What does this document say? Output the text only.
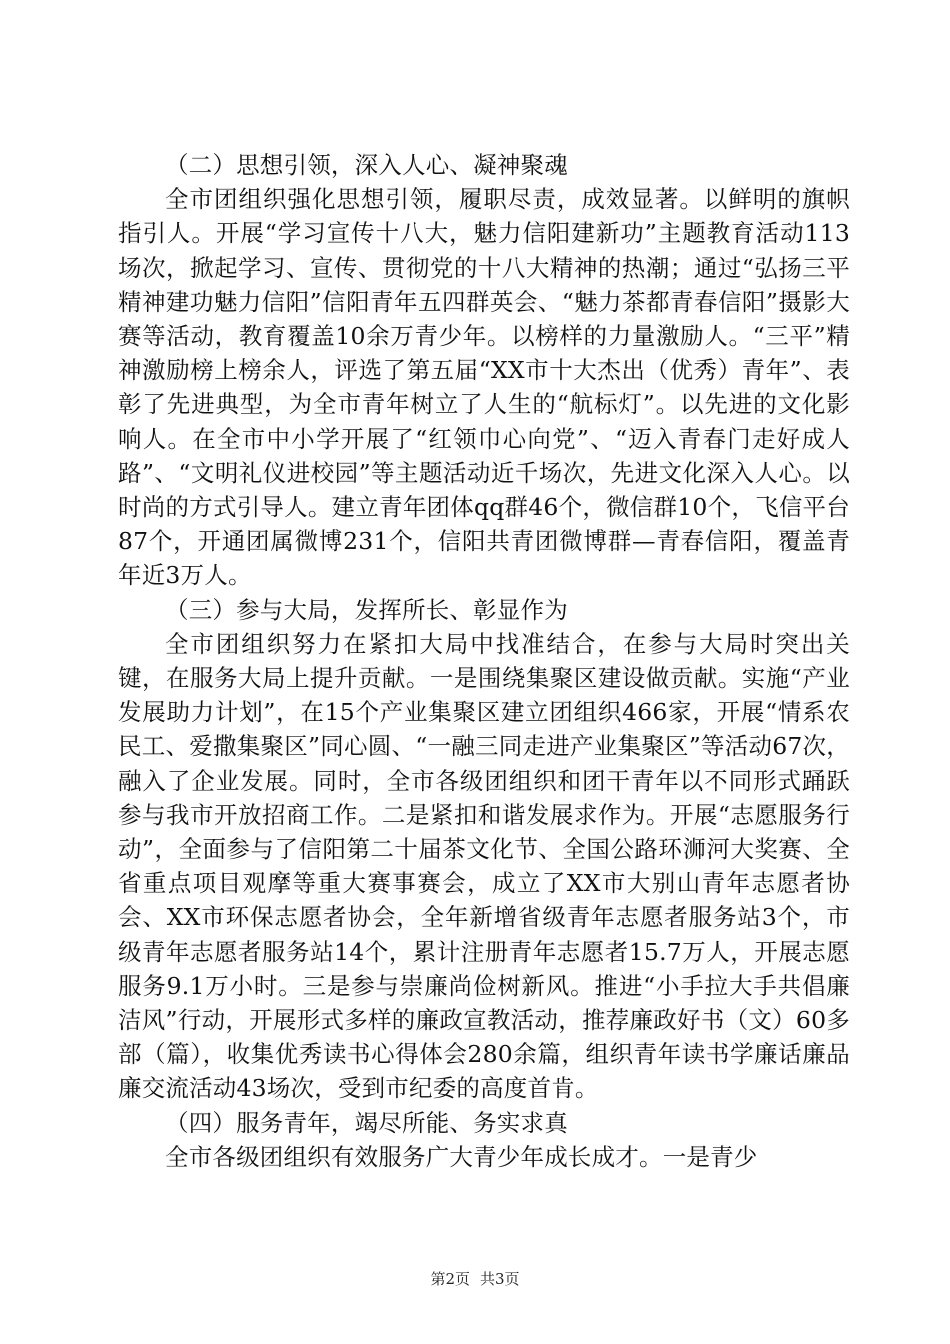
（二）思想引领，深入人心、凝神聚魂

全市团组织强化思想引领，履职尽责，成效显著。以鲜明的旗帜指引人。开展“学习宣传十八大，魅力信阳建新功”主题教育活动113场次，掀起学习、宣传、贯彻党的十八大精神的热潮；通过“弘扬三平精神建功魅力信阳”信阳青年五四群英会、“魅力茶都青春信阳”摄影大赛等活动，教育覆盖10余万青少年。以榜样的力量激励人。“三平”精神激励榜上榜余人，评选了第五届“XX市十大杰出（优秀）青年”、表彰了先进典型，为全市青年树立了人生的“航标灯”。以先进的文化影响人。在全市中小学开展了“红领巾心向党”、“迈入青春门走好成人路”、“文明礼仪进校园”等主题活动近千场次，先进文化深入人心。以时尚的方式引导人。建立青年团体qq群46个，微信群10个，飞信平台87个，开通团属微博231个，信阳共青团微博群—青春信阳，覆盖青年近3万人。

（三）参与大局，发挥所长、彰显作为

全市团组织努力在紧扣大局中找准结合，在参与大局时突出关键，在服务大局上提升贡献。一是围绕集聚区建设做贡献。实施“产业发展助力计划”，在15个产业集聚区建立团组织466家，开展“情系农民工、爱撒集聚区”同心圆、“一融三同走进产业集聚区”等活动67次，融入了企业发展。同时，全市各级团组织和团干青年以不同形式踊跃参与我市开放招商工作。二是紧扣和谐发展求作为。开展“志愿服务行动”，全面参与了信阳第二十届茶文化节、全国公路环浉河大奖赛、全省重点项目观摩等重大赛事赛会，成立了XX市大别山青年志愿者协会、XX市环保志愿者协会，全年新增省级青年志愿者服务站3个，市级青年志愿者服务站14个，累计注册青年志愿者15.7万人，开展志愿服务9.1万小时。三是参与崇廉尚俭树新风。推进“小手拉大手共倡廉洁风”行动，开展形式多样的廉政宣教活动，推荐廉政好书（文）60多部（篇），收集优秀读书心得体会280余篇，组织青年读书学廉话廉品廉交流活动43场次，受到市纪委的高度首肯。

（四）服务青年，竭尽所能、务实求真

全市各级团组织有效服务广大青少年成长成才。一是青少

第2页 共3页
